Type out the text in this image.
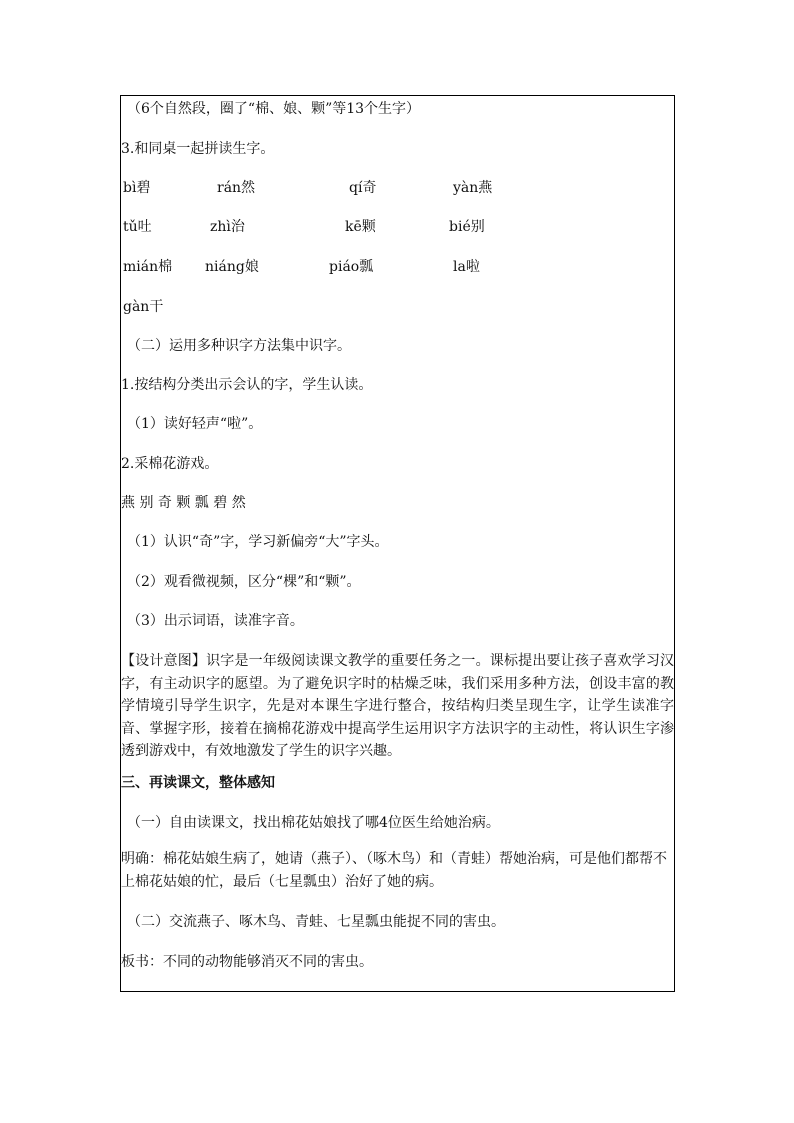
（6个自然段，圈了“棉、娘、颗”等13个生字）
3.和同桌一起拼读生字。
bì碧	rán然	qí奇	yàn燕
tǔ吐	zhì治	kē颗	bié别
mián棉 niáng娘	piáo瓢	la啦
gàn干
（二）运用多种识字方法集中识字。
1.按结构分类出示会认的字，学生认读。
（1）读好轻声“啦”。
2.采棉花游戏。
燕 别 奇 颗 瓢 碧 然
（1）认识“奇”字，学习新偏旁“大”字头。
（2）观看微视频，区分“棵”和“颗”。
（3）出示词语，读准字音。
【设计意图】识字是一年级阅读课文教学的重要任务之一。课标提出要让孩子喜欢学习汉字，有主动识字的愿望。为了避免识字时的枯燥乏味，我们采用多种方法，创设丰富的教学情境引导学生识字，先是对本课生字进行整合，按结构归类呈现生字，让学生读准字音、掌握字形，接着在摘棉花游戏中提高学生运用识字方法识字的主动性，将认识生字渗透到游戏中，有效地激发了学生的识字兴趣。
三、再读课文，整体感知
（一）自由读课文，找出棉花姑娘找了哪4位医生给她治病。
明确：棉花姑娘生病了，她请（燕子）、（啄木鸟）和（青蛙）帮她治病，可是他们都帮不上棉花姑娘的忙，最后（七星瓢虫）治好了她的病。
（二）交流燕子、啄木鸟、青蛙、七星瓢虫能捉不同的害虫。
板书：不同的动物能够消灭不同的害虫。
